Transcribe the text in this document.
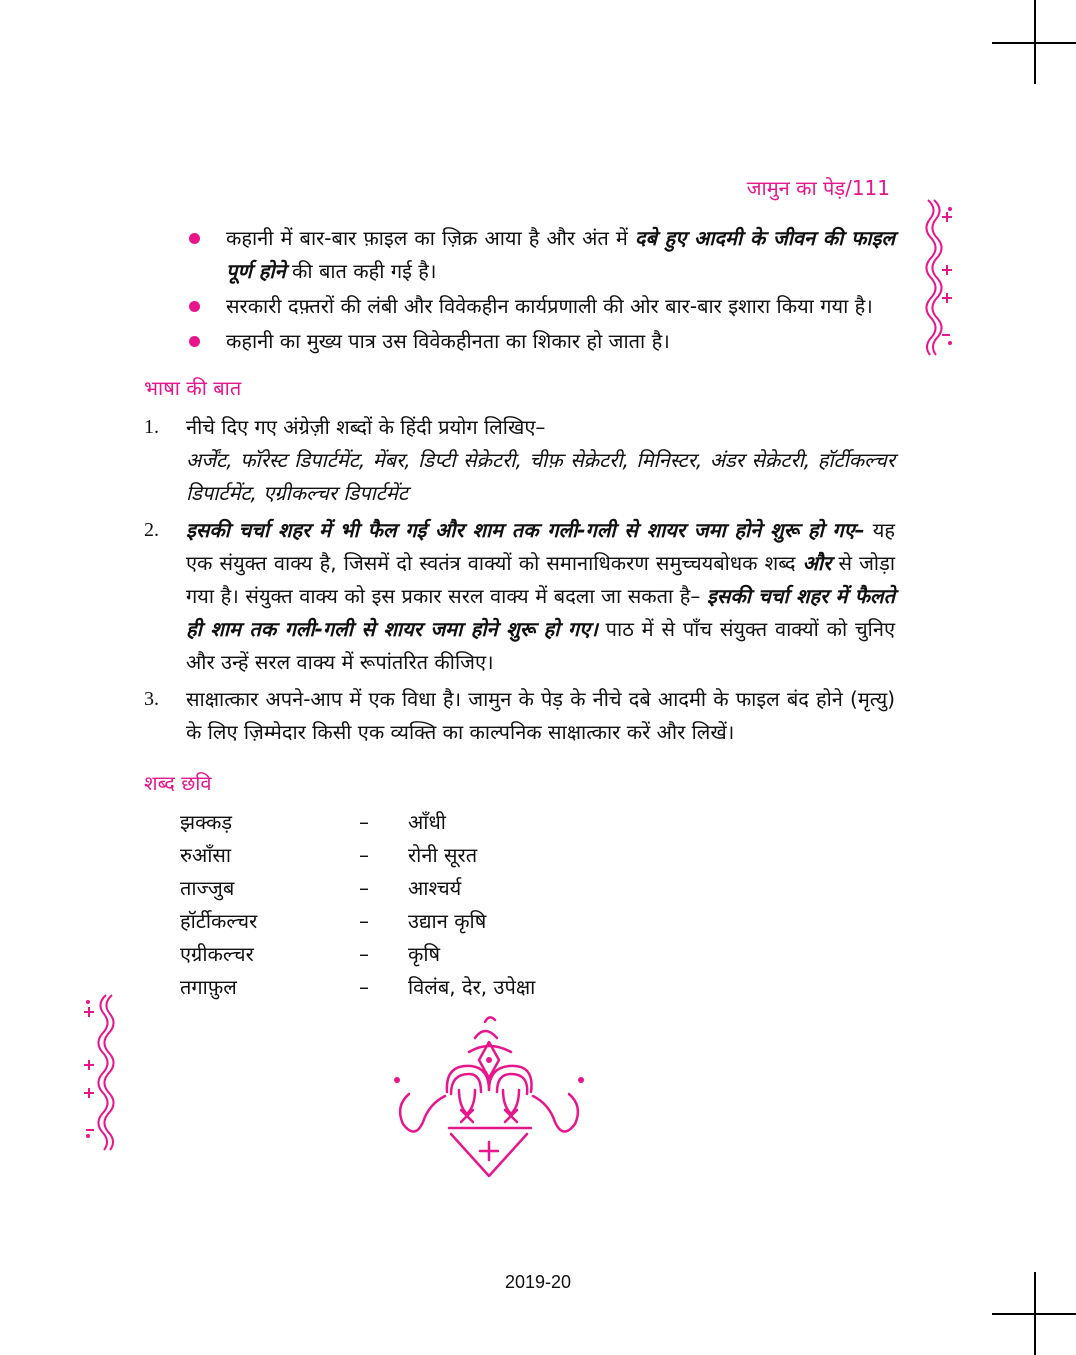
जामुन का पेड़/111
कहानी में बार-बार फ़ाइल का ज़िक्र आया है और अंत में दबे हुए आदमी के जीवन की फाइल पूर्ण होने की बात कही गई है।
सरकारी दफ़्तरों की लंबी और विवेकहीन कार्यप्रणाली की ओर बार-बार इशारा किया गया है।
कहानी का मुख्य पात्र उस विवेकहीनता का शिकार हो जाता है।
भाषा की बात
1. नीचे दिए गए अंग्रेज़ी शब्दों के हिंदी प्रयोग लिखिए–
अर्जेंट, फॉरेस्ट डिपार्टमेंट, मेंबर, डिप्टी सेक्रेटरी, चीफ़ सेक्रेटरी, मिनिस्टर, अंडर सेक्रेटरी, हॉर्टीकल्चर डिपार्टमेंट, एग्रीकल्चर डिपार्टमेंट
2. इसकी चर्चा शहर में भी फैल गई और शाम तक गली-गली से शायर जमा होने शुरू हो गए– यह एक संयुक्त वाक्य है, जिसमें दो स्वतंत्र वाक्यों को समानाधिकरण समुच्चयबोधक शब्द और से जोड़ा गया है। संयुक्त वाक्य को इस प्रकार सरल वाक्य में बदला जा सकता है– इसकी चर्चा शहर में फैलते ही शाम तक गली-गली से शायर जमा होने शुरू हो गए। पाठ में से पाँच संयुक्त वाक्यों को चुनिए और उन्हें सरल वाक्य में रूपांतरित कीजिए।
3. साक्षात्कार अपने-आप में एक विधा है। जामुन के पेड़ के नीचे दबे आदमी के फाइल बंद होने (मृत्यु) के लिए ज़िम्मेदार किसी एक व्यक्ति का काल्पनिक साक्षात्कार करें और लिखें।
शब्द छवि
झक्कड़	–	आँधी
रुआँसा	–	रोनी सूरत
ताज्जुब	–	आश्चर्य
हॉर्टीकल्चर	–	उद्यान कृषि
एग्रीकल्चर	–	कृषि
तगाफ़ुल	–	विलंब, देर, उपेक्षा
2019-20
